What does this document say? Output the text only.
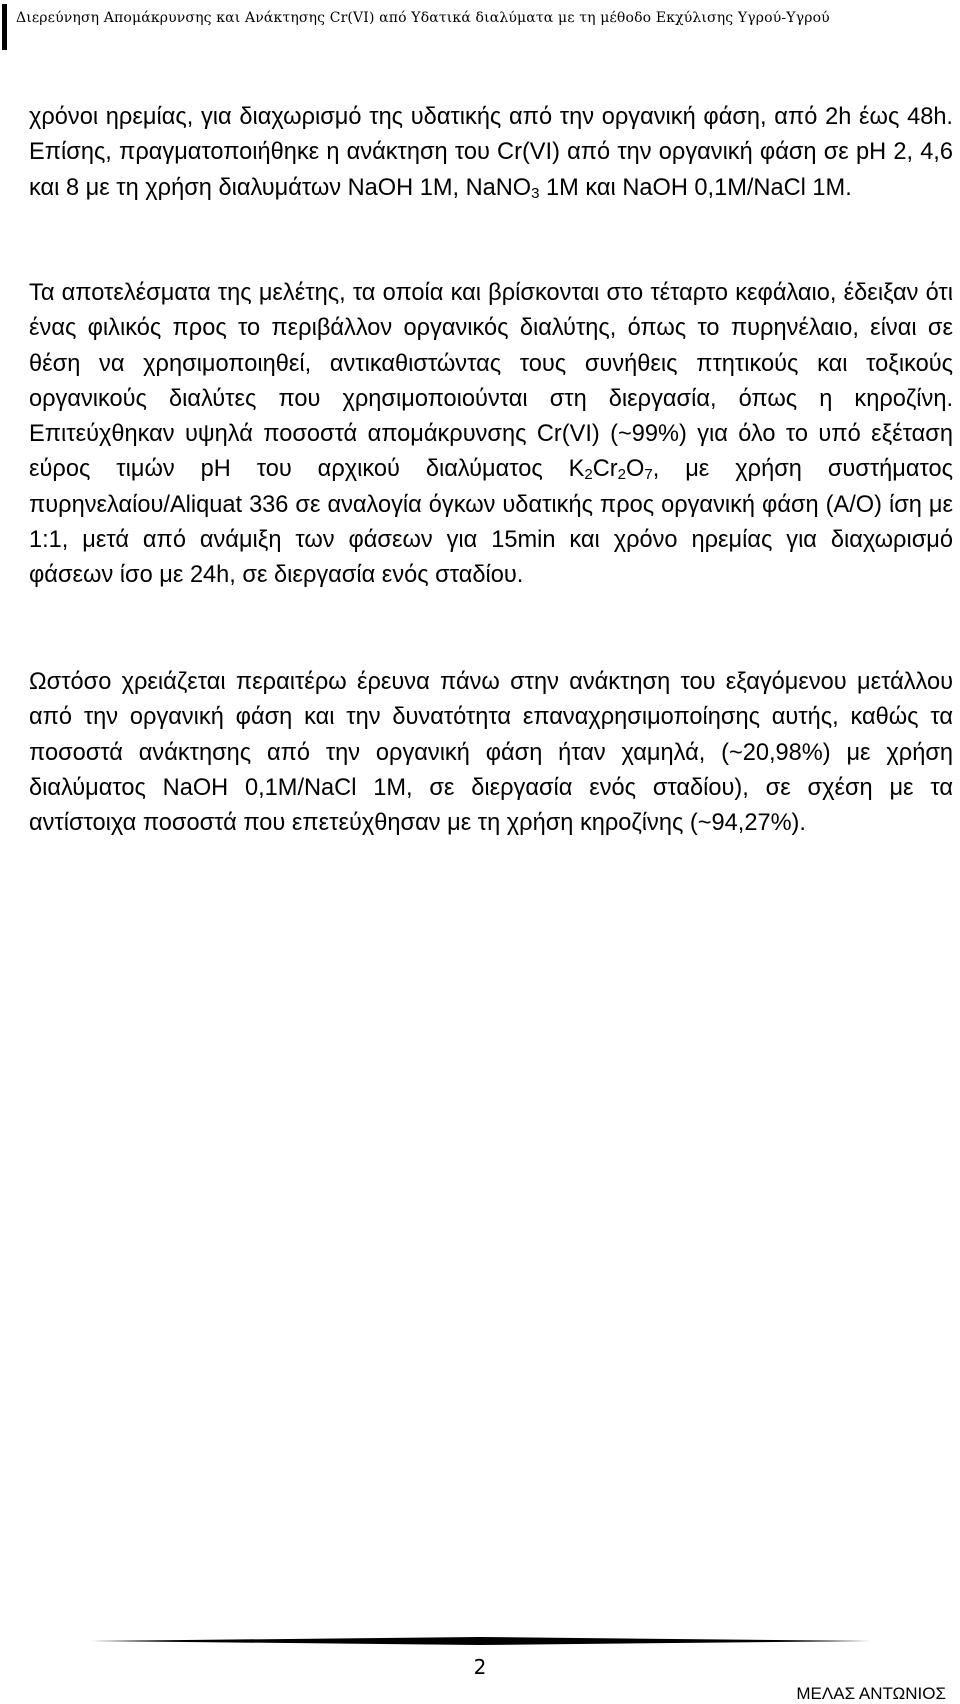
Διερεύνηση Απομάκρυνσης και Ανάκτησης Cr(VI) από Υδατικά διαλύματα με τη μέθοδο Εκχύλισης Υγρού-Υγρού

χρόνοι ηρεμίας, για διαχωρισμό της υδατικής από την οργανική φάση, από 2h έως 48h. Επίσης, πραγματοποιήθηκε η ανάκτηση του Cr(VI) από την οργανική φάση σε pH 2, 4,6 και 8 με τη χρήση διαλυμάτων NaOH 1M, NaNO$_3$ 1M και NaOH 0,1M/NaCl 1M.

Τα αποτελέσματα της μελέτης, τα οποία και βρίσκονται στο τέταρτο κεφάλαιο, έδειξαν ότι ένας φιλικός προς το περιβάλλον οργανικός διαλύτης, όπως το πυρηνέλαιο, είναι σε θέση να χρησιμοποιηθεί, αντικαθιστώντας τους συνήθεις πτητικούς και τοξικούς οργανικούς διαλύτες που χρησιμοποιούνται στη διεργασία, όπως η κηροζίνη. Επιτεύχθηκαν υψηλά ποσοστά απομάκρυνσης Cr(VI) (~99%) για όλο το υπό εξέταση εύρος τιμών pH του αρχικού διαλύματος $K_2Cr_2O_7$, με χρήση συστήματος πυρηνελαίου/Aliquat 336 σε αναλογία όγκων υδατικής προς οργανική φάση (A/O) ίση με 1:1, μετά από ανάμιξη των φάσεων για 15min και χρόνο ηρεμίας για διαχωρισμό φάσεων ίσο με 24h, σε διεργασία ενός σταδίου.

Ωστόσο χρειάζεται περαιτέρω έρευνα πάνω στην ανάκτηση του εξαγόμενου μετάλλου από την οργανική φάση και την δυνατότητα επαναχρησιμοποίησης αυτής, καθώς τα ποσοστά ανάκτησης από την οργανική φάση ήταν χαμηλά, (~20,98%) με χρήση διαλύματος NaOH 0,1M/NaCl 1M, σε διεργασία ενός σταδίου), σε σχέση με τα αντίστοιχα ποσοστά που επετεύχθησαν με τη χρήση κηροζίνης (~94,27%).

2
ΜΕΛΑΣ ΑΝΤΩΝΙΟΣ
